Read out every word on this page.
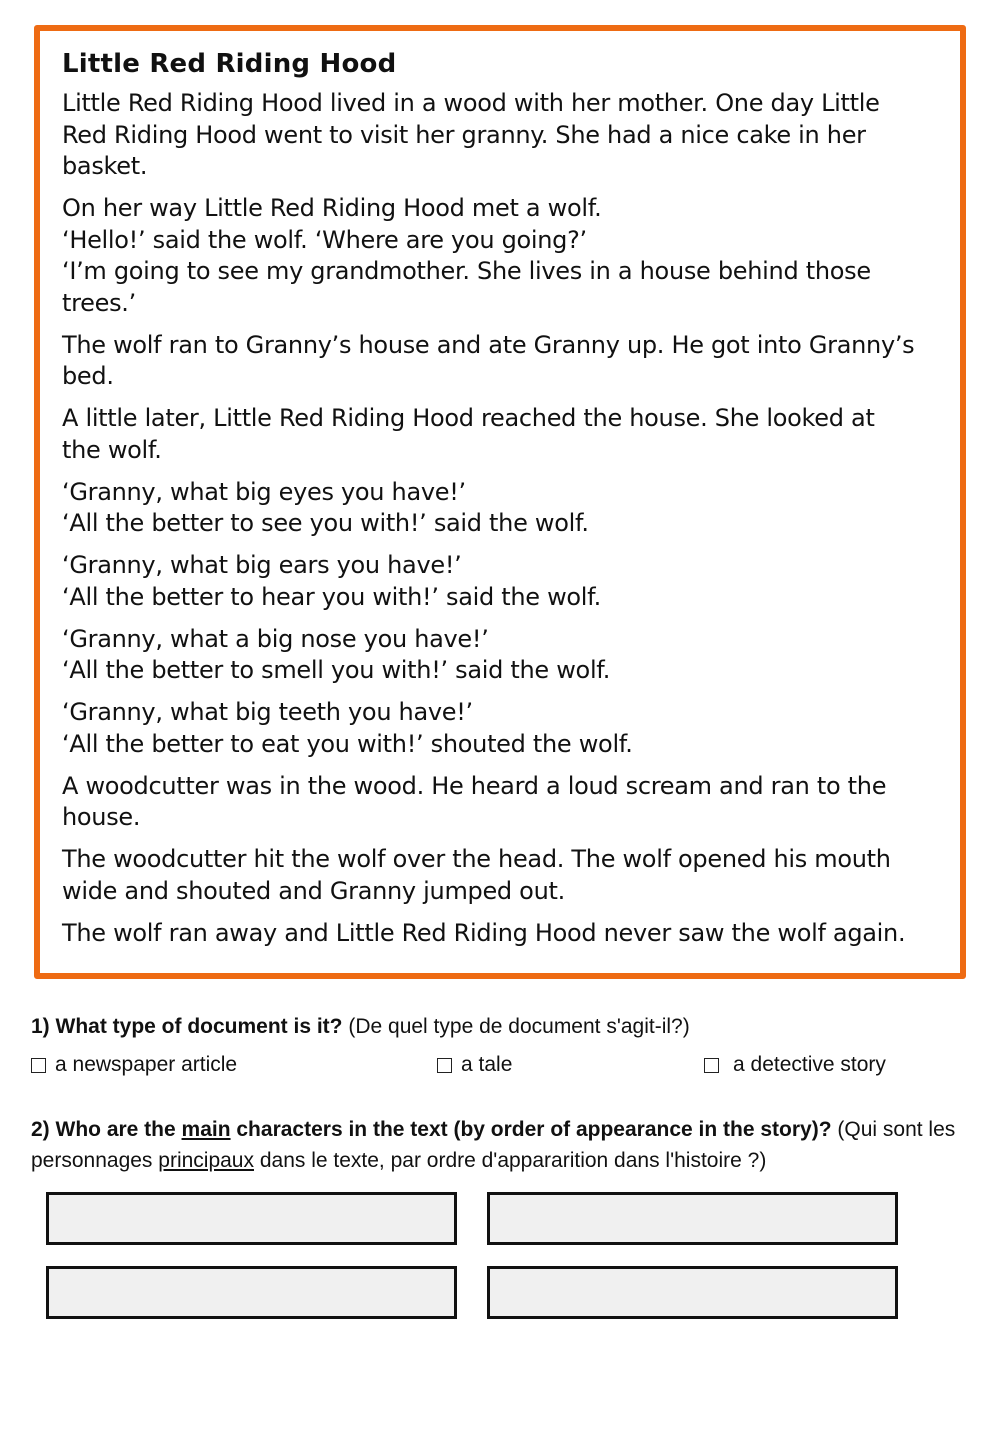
Little Red Riding Hood
Little Red Riding Hood lived in a wood with her mother. One day Little
Red Riding Hood went to visit her granny. She had a nice cake in her
basket.
On her way Little Red Riding Hood met a wolf.
‘Hello!’ said the wolf. ‘Where are you going?’
‘I’m going to see my grandmother. She lives in a house behind those
trees.’
The wolf ran to Granny’s house and ate Granny up. He got into Granny’s
bed.
A little later, Little Red Riding Hood reached the house. She looked at
the wolf.
‘Granny, what big eyes you have!’
‘All the better to see you with!’ said the wolf.
‘Granny, what big ears you have!’
‘All the better to hear you with!’ said the wolf.
‘Granny, what a big nose you have!’
‘All the better to smell you with!’ said the wolf.
‘Granny, what big teeth you have!’
‘All the better to eat you with!’ shouted the wolf.
A woodcutter was in the wood. He heard a loud scream and ran to the
house.
The woodcutter hit the wolf over the head. The wolf opened his mouth
wide and shouted and Granny jumped out.
The wolf ran away and Little Red Riding Hood never saw the wolf again.
1) What type of document is it? (De quel type de document s'agit-il?)
a newspaper article	a tale	a detective story
2) Who are the main characters in the text (by order of appearance in the story)? (Qui sont les personnages principaux dans le texte, par ordre d'appararition dans l'histoire ?)
